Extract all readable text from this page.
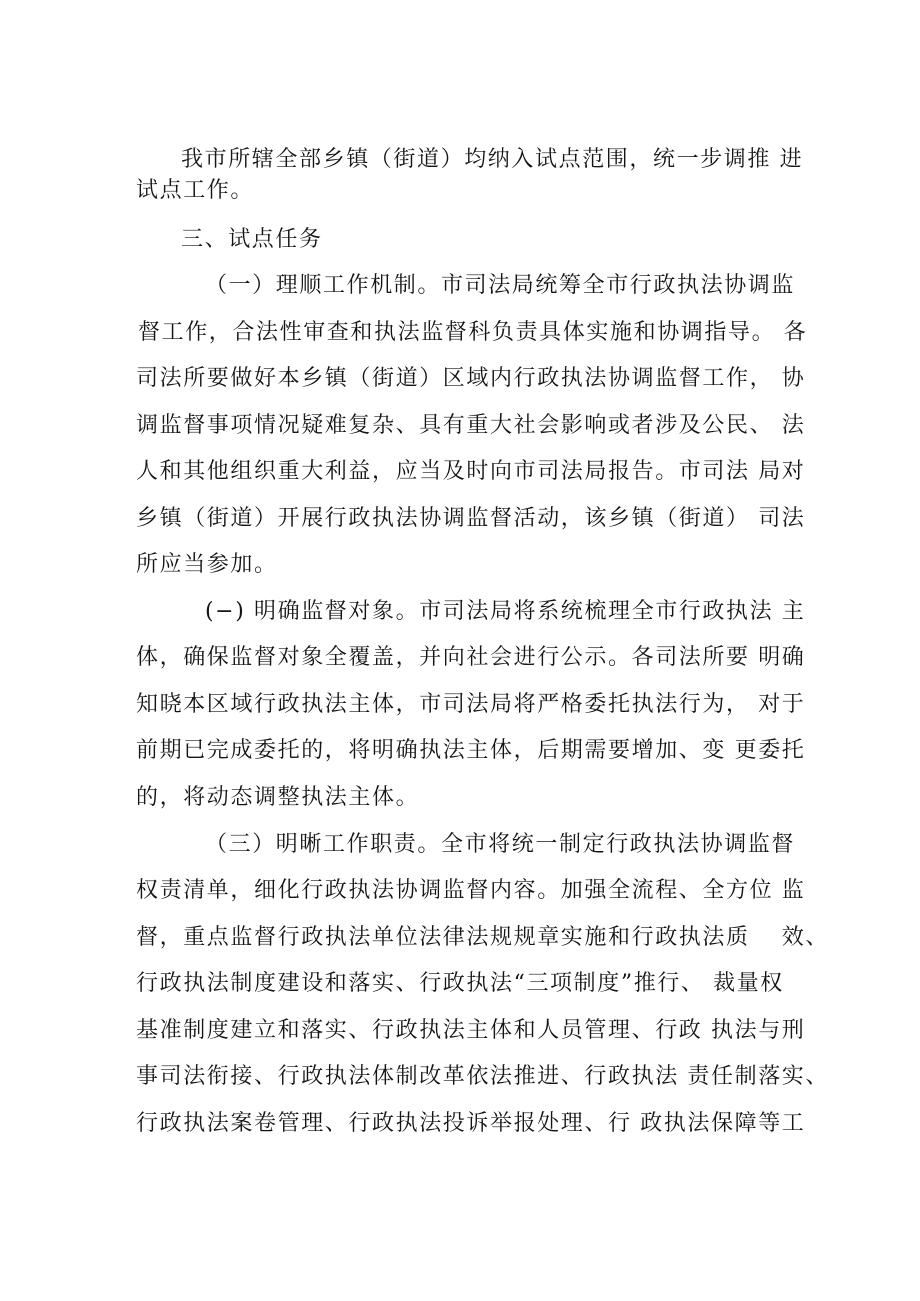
我市所辖全部乡镇（街道）均纳入试点范围，统一步调推 进
试点工作。
三、试点任务
（一）理顺工作机制。市司法局统筹全市行政执法协调监
督工作，合法性审查和执法监督科负责具体实施和协调指导。 各
司法所要做好本乡镇（街道）区域内行政执法协调监督工作， 协
调监督事项情况疑难复杂、具有重大社会影响或者涉及公民、 法
人和其他组织重大利益，应当及时向市司法局报告。市司法 局对
乡镇（街道）开展行政执法协调监督活动，该乡镇（街道） 司法
所应当参加。
(−) 明确监督对象。市司法局将系统梳理全市行政执法 主
体，确保监督对象全覆盖，并向社会进行公示。各司法所要 明确
知晓本区域行政执法主体，市司法局将严格委托执法行为， 对于
前期已完成委托的，将明确执法主体，后期需要增加、变 更委托
的，将动态调整执法主体。
（三）明晰工作职责。全市将统一制定行政执法协调监督
权责清单，细化行政执法协调监督内容。加强全流程、全方位 监
督，重点监督行政执法单位法律法规规章实施和行政执法质　 效、
行政执法制度建设和落实、行政执法“三项制度”推行、 裁量权
基准制度建立和落实、行政执法主体和人员管理、行政 执法与刑
事司法衔接、行政执法体制改革依法推进、行政执法 责任制落实、
行政执法案卷管理、行政执法投诉举报处理、行 政执法保障等工
